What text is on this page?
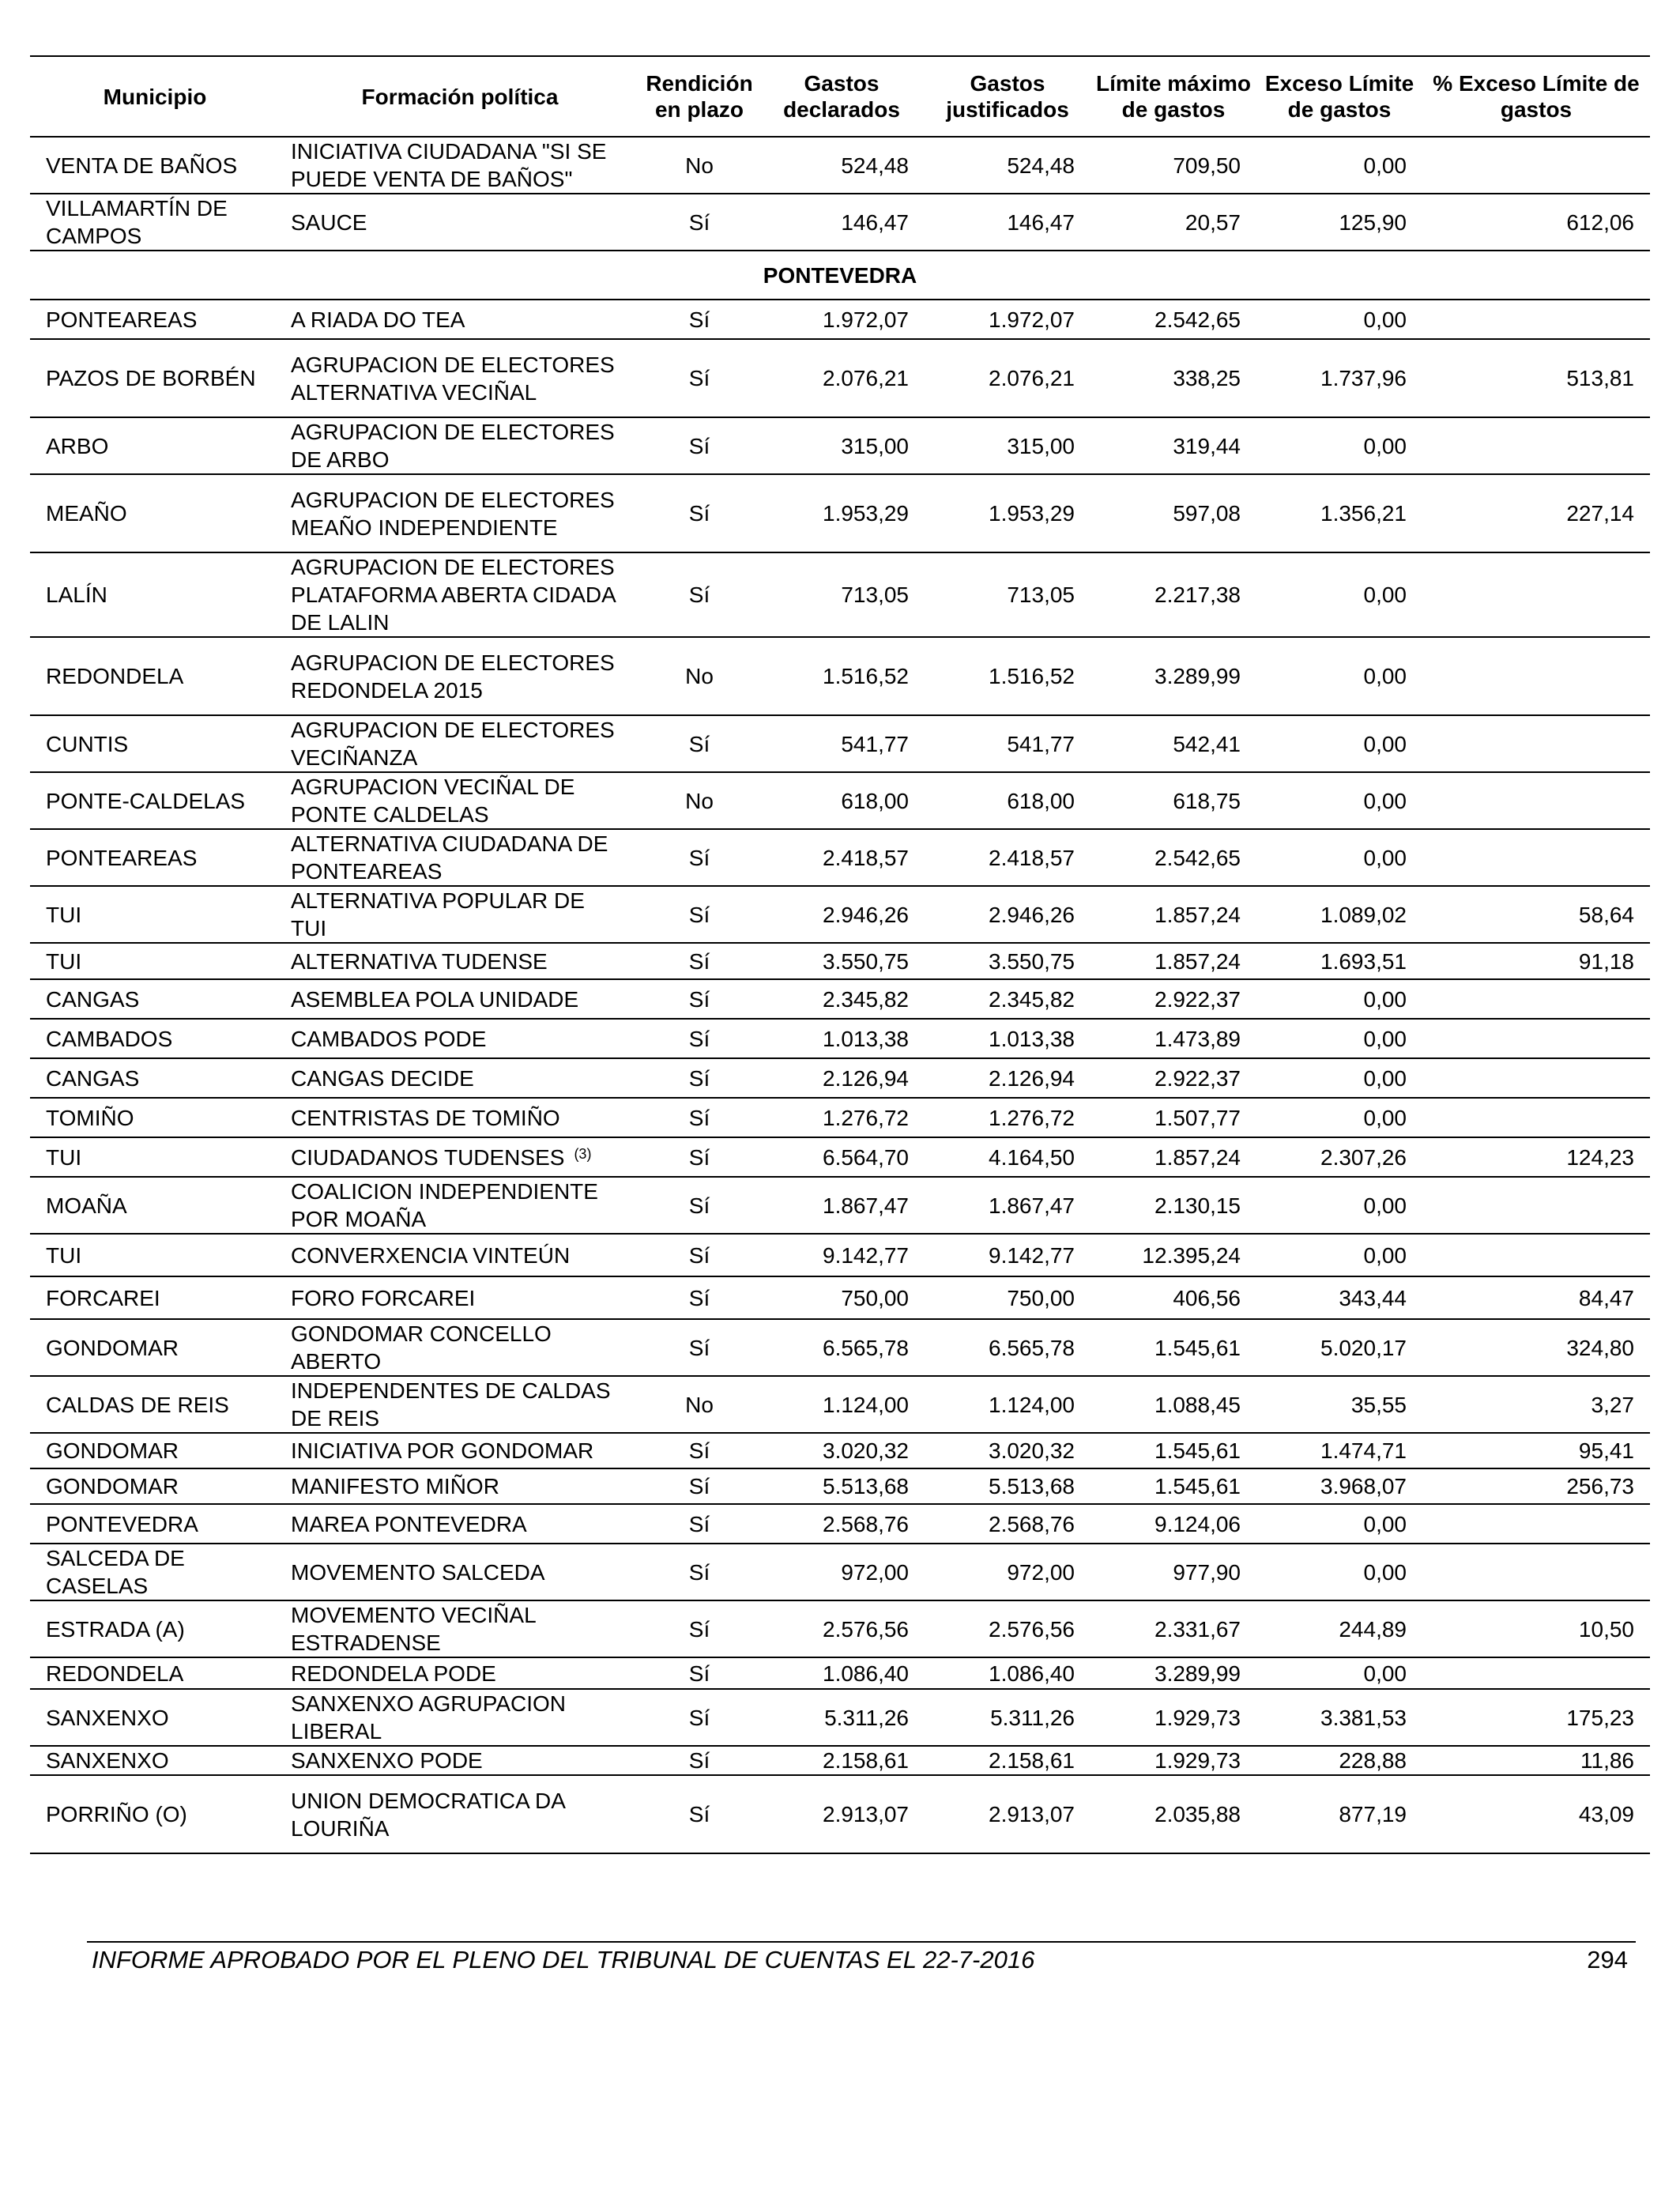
Municipio	Formación política	Rendición en plazo	Gastos declarados	Gastos justificados	Límite máximo de gastos	Exceso Límite de gastos	% Exceso Límite de gastos
VENTA DE BAÑOS	INICIATIVA CIUDADANA "SI SE PUEDE VENTA DE BAÑOS"	No	524,48	524,48	709,50	0,00	
VILLAMARTÍN DE CAMPOS	SAUCE	Sí	146,47	146,47	20,57	125,90	612,06
PONTEVEDRA							
PONTEAREAS	A RIADA DO TEA	Sí	1.972,07	1.972,07	2.542,65	0,00	
PAZOS DE BORBÉN	AGRUPACION DE ELECTORES ALTERNATIVA VECIÑAL	Sí	2.076,21	2.076,21	338,25	1.737,96	513,81
ARBO	AGRUPACION DE ELECTORES DE ARBO	Sí	315,00	315,00	319,44	0,00	
MEAÑO	AGRUPACION DE ELECTORES MEAÑO INDEPENDIENTE	Sí	1.953,29	1.953,29	597,08	1.356,21	227,14
LALÍN	AGRUPACION DE ELECTORES PLATAFORMA ABERTA CIDADA DE LALIN	Sí	713,05	713,05	2.217,38	0,00	
REDONDELA	AGRUPACION DE ELECTORES REDONDELA 2015	No	1.516,52	1.516,52	3.289,99	0,00	
CUNTIS	AGRUPACION DE ELECTORES VECIÑANZA	Sí	541,77	541,77	542,41	0,00	
PONTE-CALDELAS	AGRUPACION VECIÑAL DE PONTE CALDELAS	No	618,00	618,00	618,75	0,00	
PONTEAREAS	ALTERNATIVA CIUDADANA DE PONTEAREAS	Sí	2.418,57	2.418,57	2.542,65	0,00	
TUI	ALTERNATIVA POPULAR DE TUI	Sí	2.946,26	2.946,26	1.857,24	1.089,02	58,64
TUI	ALTERNATIVA TUDENSE	Sí	3.550,75	3.550,75	1.857,24	1.693,51	91,18
CANGAS	ASEMBLEA POLA UNIDADE	Sí	2.345,82	2.345,82	2.922,37	0,00	
CAMBADOS	CAMBADOS PODE	Sí	1.013,38	1.013,38	1.473,89	0,00	
CANGAS	CANGAS DECIDE	Sí	2.126,94	2.126,94	2.922,37	0,00	
TOMIÑO	CENTRISTAS DE TOMIÑO	Sí	1.276,72	1.276,72	1.507,77	0,00	
TUI	CIUDADANOS TUDENSES $^{(3)}$	Sí	6.564,70	4.164,50	1.857,24	2.307,26	124,23
MOAÑA	COALICION INDEPENDIENTE POR MOAÑA	Sí	1.867,47	1.867,47	2.130,15	0,00	
TUI	CONVERXENCIA VINTEÚN	Sí	9.142,77	9.142,77	12.395,24	0,00	
FORCAREI	FORO FORCAREI	Sí	750,00	750,00	406,56	343,44	84,47
GONDOMAR	GONDOMAR CONCELLO ABERTO	Sí	6.565,78	6.565,78	1.545,61	5.020,17	324,80
CALDAS DE REIS	INDEPENDENTES DE CALDAS DE REIS	No	1.124,00	1.124,00	1.088,45	35,55	3,27
GONDOMAR	INICIATIVA POR GONDOMAR	Sí	3.020,32	3.020,32	1.545,61	1.474,71	95,41
GONDOMAR	MANIFESTO MIÑOR	Sí	5.513,68	5.513,68	1.545,61	3.968,07	256,73
PONTEVEDRA	MAREA PONTEVEDRA	Sí	2.568,76	2.568,76	9.124,06	0,00	
SALCEDA DE CASELAS	MOVEMENTO SALCEDA	Sí	972,00	972,00	977,90	0,00	
ESTRADA (A)	MOVEMENTO VECIÑAL ESTRADENSE	Sí	2.576,56	2.576,56	2.331,67	244,89	10,50
REDONDELA	REDONDELA PODE	Sí	1.086,40	1.086,40	3.289,99	0,00	
SANXENXO	SANXENXO AGRUPACION LIBERAL	Sí	5.311,26	5.311,26	1.929,73	3.381,53	175,23
SANXENXO	SANXENXO PODE	Sí	2.158,61	2.158,61	1.929,73	228,88	11,86
PORRIÑO (O)	UNION DEMOCRATICA DA LOURIÑA	Sí	2.913,07	2.913,07	2.035,88	877,19	43,09
INFORME APROBADO POR EL PLENO DEL TRIBUNAL DE CUENTAS EL 22-7-2016	294
